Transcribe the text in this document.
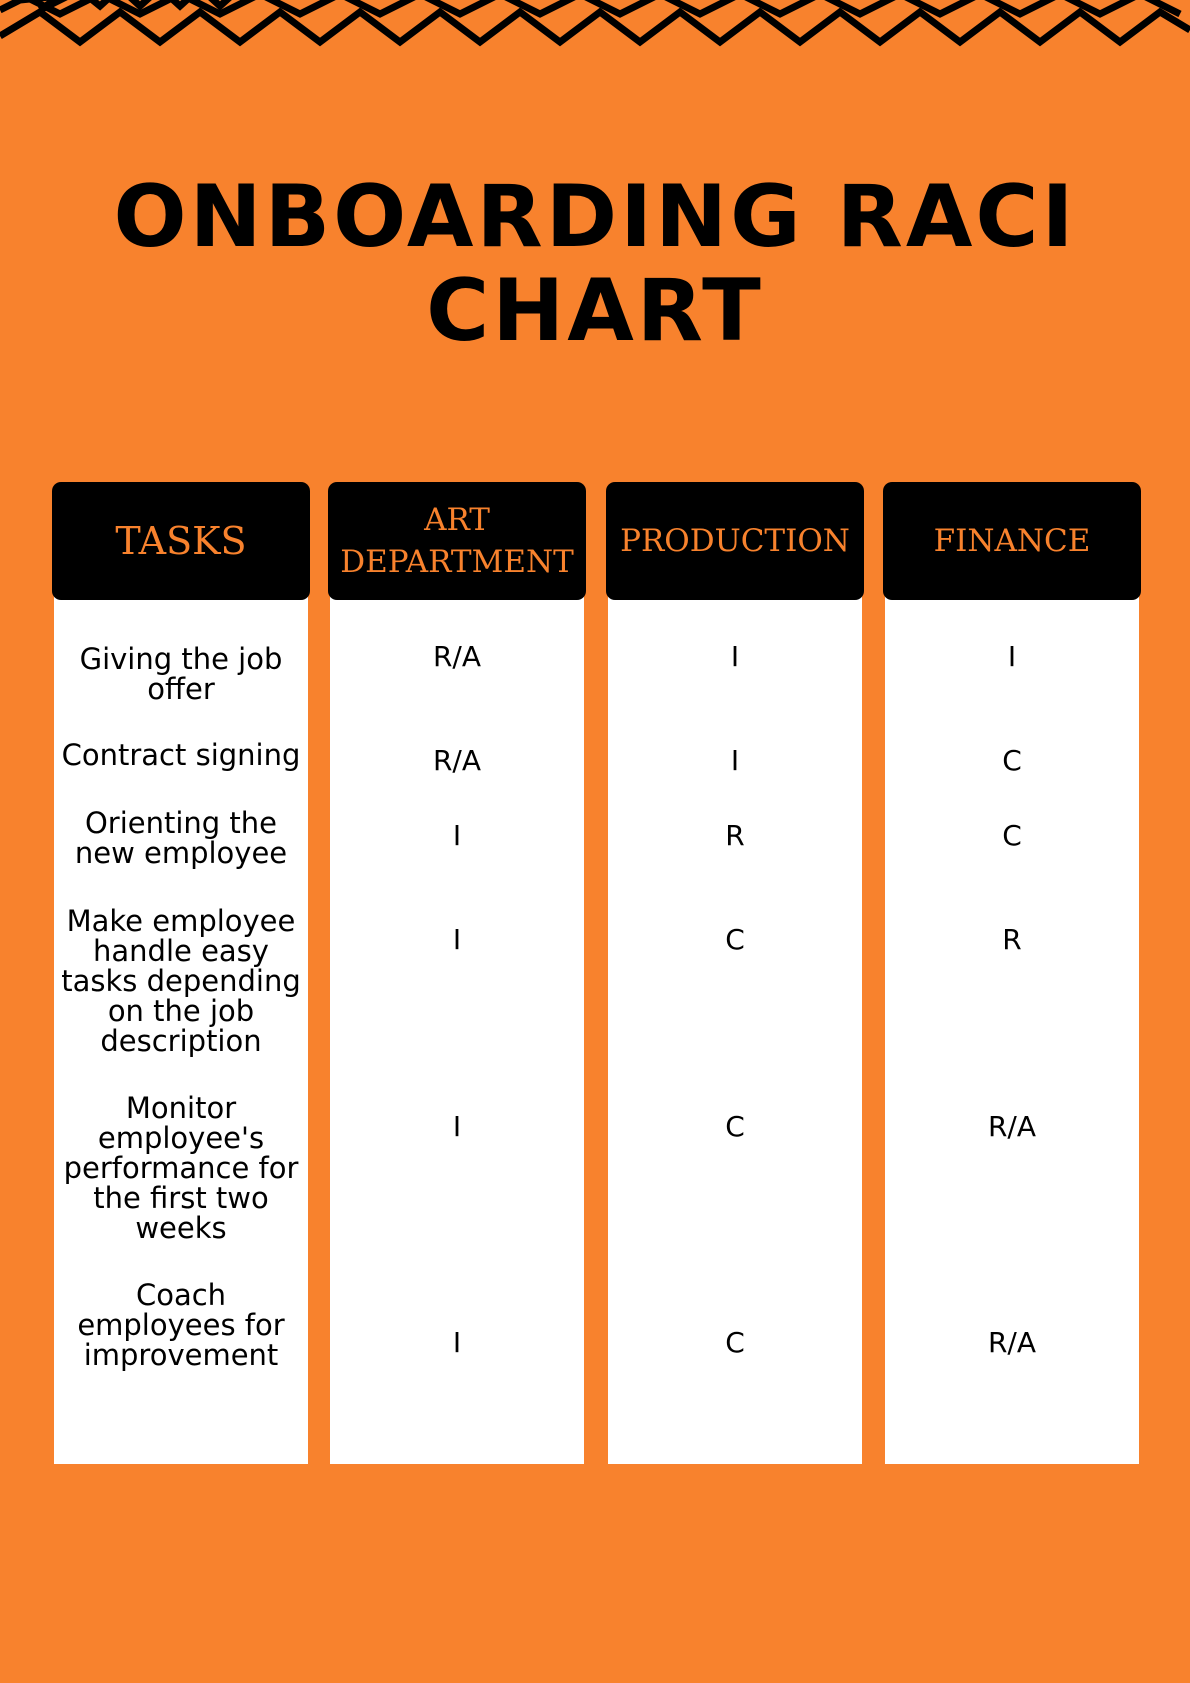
ONBOARDING RACI
CHART
Giving the job offer
Contract signing
Orienting the new employee
Make employee handle easy tasks depending on the job description
Monitor employee's performance for the first two weeks
Coach employees for improvement
TASKS
R/A
R/A
I
I
I
I
ART DEPARTMENT
I
I
R
C
C
C
PRODUCTION
I
C
C
R
R/A
R/A
FINANCE
